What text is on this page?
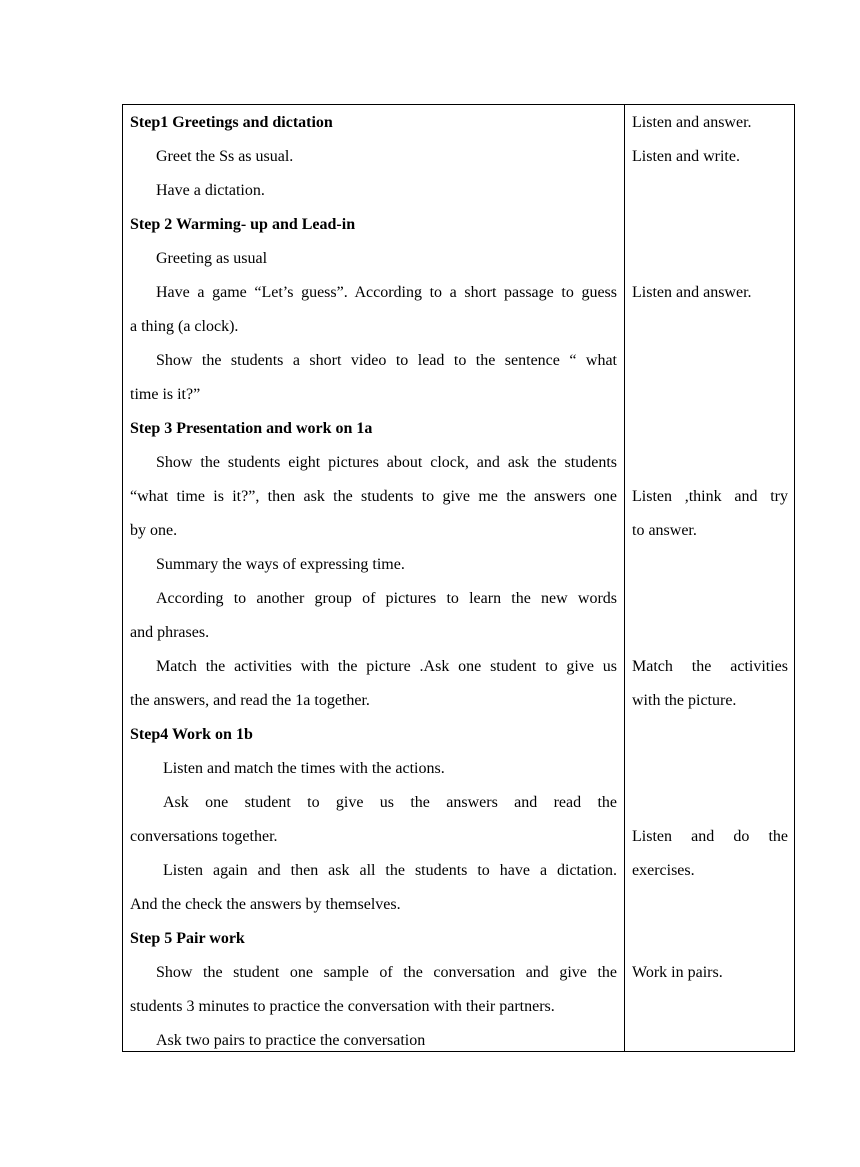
Step1 Greetings and dictation
Greet the Ss as usual.
Have a dictation.
Step 2 Warming- up and Lead-in
Greeting as usual
Have a game “Let’s guess”. According to a short passage to guess
a thing (a clock).
Show the students a short video to lead to the sentence “ what
time is it?”
Step 3 Presentation and work on 1a
Show the students eight pictures about clock, and ask the students
“what time is it?”, then ask the students to give me the answers one
by one.
Summary the ways of expressing time.
According to another group of pictures to learn the new words
and phrases.
Match the activities with the picture .Ask one student to give us
the answers, and read the 1a together.
Step4 Work on 1b
Listen and match the times with the actions.
Ask one student to give us the answers and read the
conversations together.
Listen again and then ask all the students to have a dictation.
And the check the answers by themselves.
Step 5 Pair work
Show the student one sample of the conversation and give the
students 3 minutes to practice the conversation with their partners.
Ask two pairs to practice the conversation
Listen and answer.
Listen and write.
Listen and answer.
Listen ,think and try
to answer.
Match the activities
with the picture.
Listen and do the
exercises.
Work in pairs.
